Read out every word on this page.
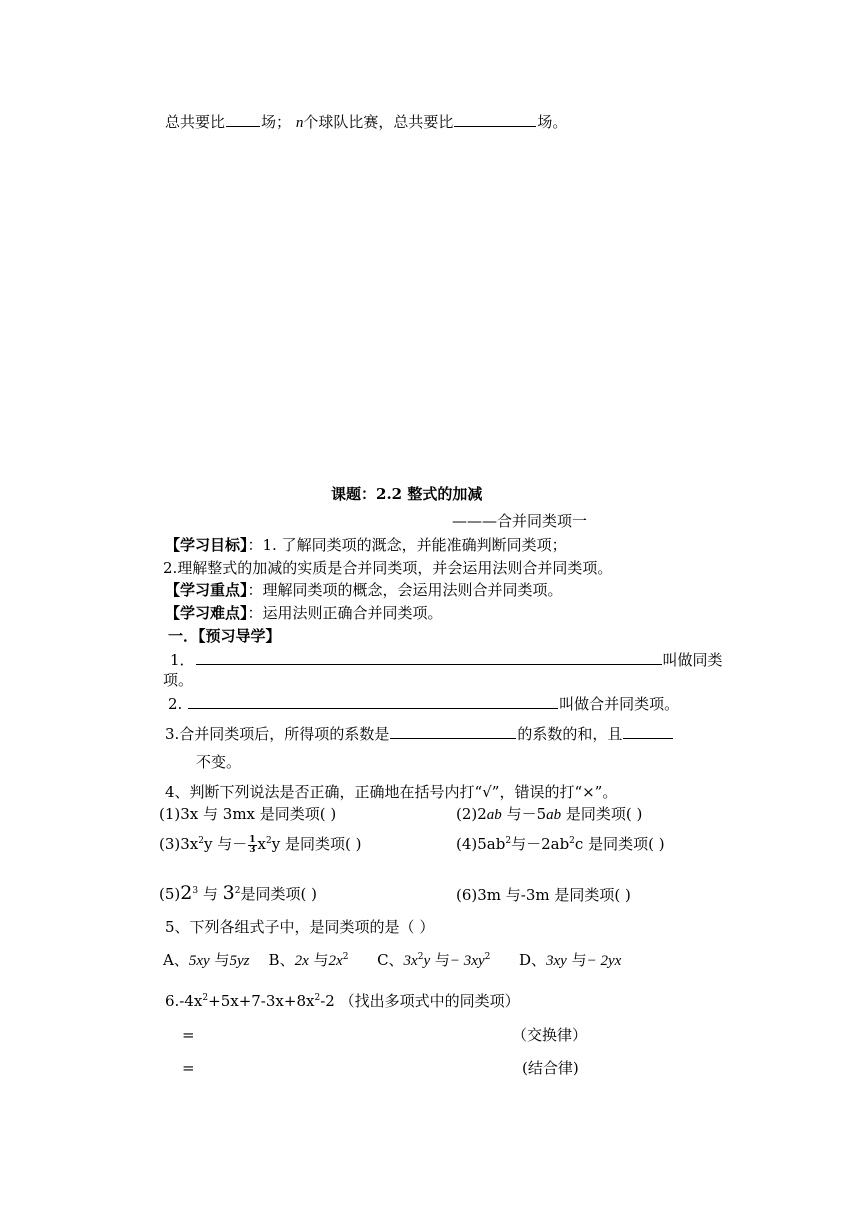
总共要比 场； n个球队比赛，总共要比	场。
课题：2.2 整式的加减
———合并同类项一
【学习目标】：1. 了解同类项的溉念，并能准确判断同类项；
2.理解整式的加减的实质是合并同类项，并会运用法则合并同类项。
【学习重点】：理解同类项的概念，会运用法则合并同类项。
【学习难点】：运用法则正确合并同类项。
一．【预习导学】
1．	叫做同类
项。
2.	叫做合并同类项。
3.合并同类项后，所得项的系数是	的系数的和，且
不变。
4、判断下列说法是否正确，正确地在括号内打“√”，错误的打“×”。
(1)3x 与 3mx 是同类项( )	(2)2ab 与－5ab 是同类项( )
$(3)3x^2y$ 与－ $\frac{1}{3} x^2y$ 是同类项( )	$(4)5ab^2$与$-2ab^2c$ 是同类项( )
$(5)2^3$ 与 $3^2$是同类项( )	(6)3m 与-3m 是同类项( )
5、下列各组式子中，是同类项的是（ ）
A、5xy 与5yz B、2x 与$2x^2$ C、$3x^2y$ 与− $3xy^2$ D、3xy 与− 2yx
$6.-4x^2+5x+7-3x+8x^2-2$ （找出多项式中的同类项）
=	（交换律）
=	(结合律)
